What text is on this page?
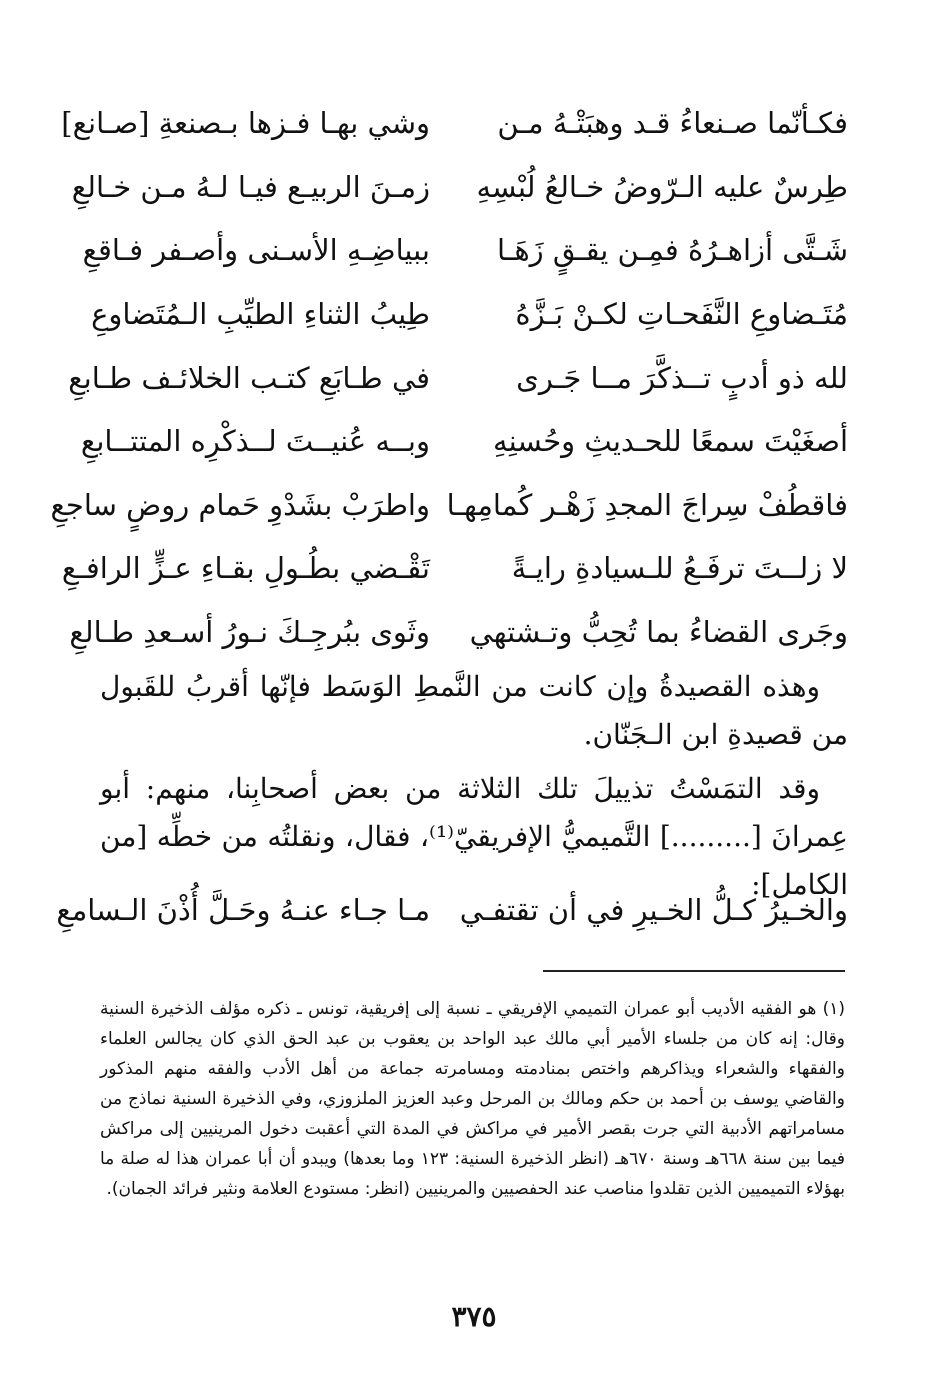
فكـأنّما صـنعاءُ قـد وهبَتْـهُ مـن
وشي بهـا فـزها بـصنعةِ [صـانع]
طِرسٌ عليه الـرّوضُ خـالعُ لُبْسِهِ
زمـنَ الربيـع فيـا لـهُ مـن خـالعِ
شَـتَّى أزاهـرُهُ فمِـن يقـقٍ زَهَـا
ببياضِـهِ الأسـنى وأصـفر فـاقعِ
مُتَـضاوعِ النَّفَحـاتِ لكـنْ بَـزَّهُ
طِيبُ الثناءِ الطيِّبِ الـمُتَضاوعِ
لله ذو أدبٍ تــذكَّرَ مــا جَـرى
في طـابَعِ كتـب الخلائـف طـابعِ
أصغَيْتَ سمعًا للحـديثِ وحُسنِهِ
وبــه عُنيــتَ لــذكْرِه المتتــابعِ
فاقطُفْ سِراجَ المجدِ زَهْـر كُمامِهـا
واطرَبْ بشَدْوِ حَمام روضٍ ساجعِ
لا زلــتَ ترفَـعُ للـسيادةِ رايـةً
تَقْـضي بطُـولِ بقـاءِ عـزٍّ الرافـعِ
وجَرى القضاءُ بما تُحِبُّ وتـشتهي
وثَوى ببُرجِـكَ نـورُ أسـعدِ طـالعِ

وهذه القصيدةُ وإن كانت من النَّمطِ الوَسَط فإنّها أقربُ للقَبول من قصيدةِ ابن الـجَنّان.

وقد التمَسْتُ تذييلَ تلك الثلاثة من بعض أصحابِنا، منهم: أبو عِمرانَ [.........] التَّميميُّ الإفريقيّ⁽¹⁾، فقال، ونقلتُه من خطِّه [من الكامل]:

والخـيرُ كـلُّ الخـيرِ في أن تقتفـي
مـا جـاء عنـهُ وحَـلَّ أُذْنَ الـسامعِ

(١) هو الفقيه الأديب أبو عمران التميمي الإفريقي ـ نسبة إلى إفريقية، تونس ـ ذكره مؤلف الذخيرة السنية وقال: إنه كان من جلساء الأمير أبي مالك عبد الواحد بن يعقوب بن عبد الحق الذي كان يجالس العلماء والفقهاء والشعراء ويذاكرهم واختص بمنادمته ومسامرته جماعة من أهل الأدب والفقه منهم المذكور والقاضي يوسف بن أحمد بن حكم ومالك بن المرحل وعبد العزيز الملزوزي، وفي الذخيرة السنية نماذج من مسامراتهم الأدبية التي جرت بقصر الأمير في مراكش في المدة التي أعقبت دخول المرينيين إلى مراكش فيما بين سنة ٦٦٨هـ وسنة ٦٧٠هـ (انظر الذخيرة السنية: ١٢٣ وما بعدها) ويبدو أن أبا عمران هذا له صلة ما بهؤلاء التميميين الذين تقلدوا مناصب عند الحفصيين والمرينيين (انظر: مستودع العلامة ونثير فرائد الجمان).

٣٧٥
